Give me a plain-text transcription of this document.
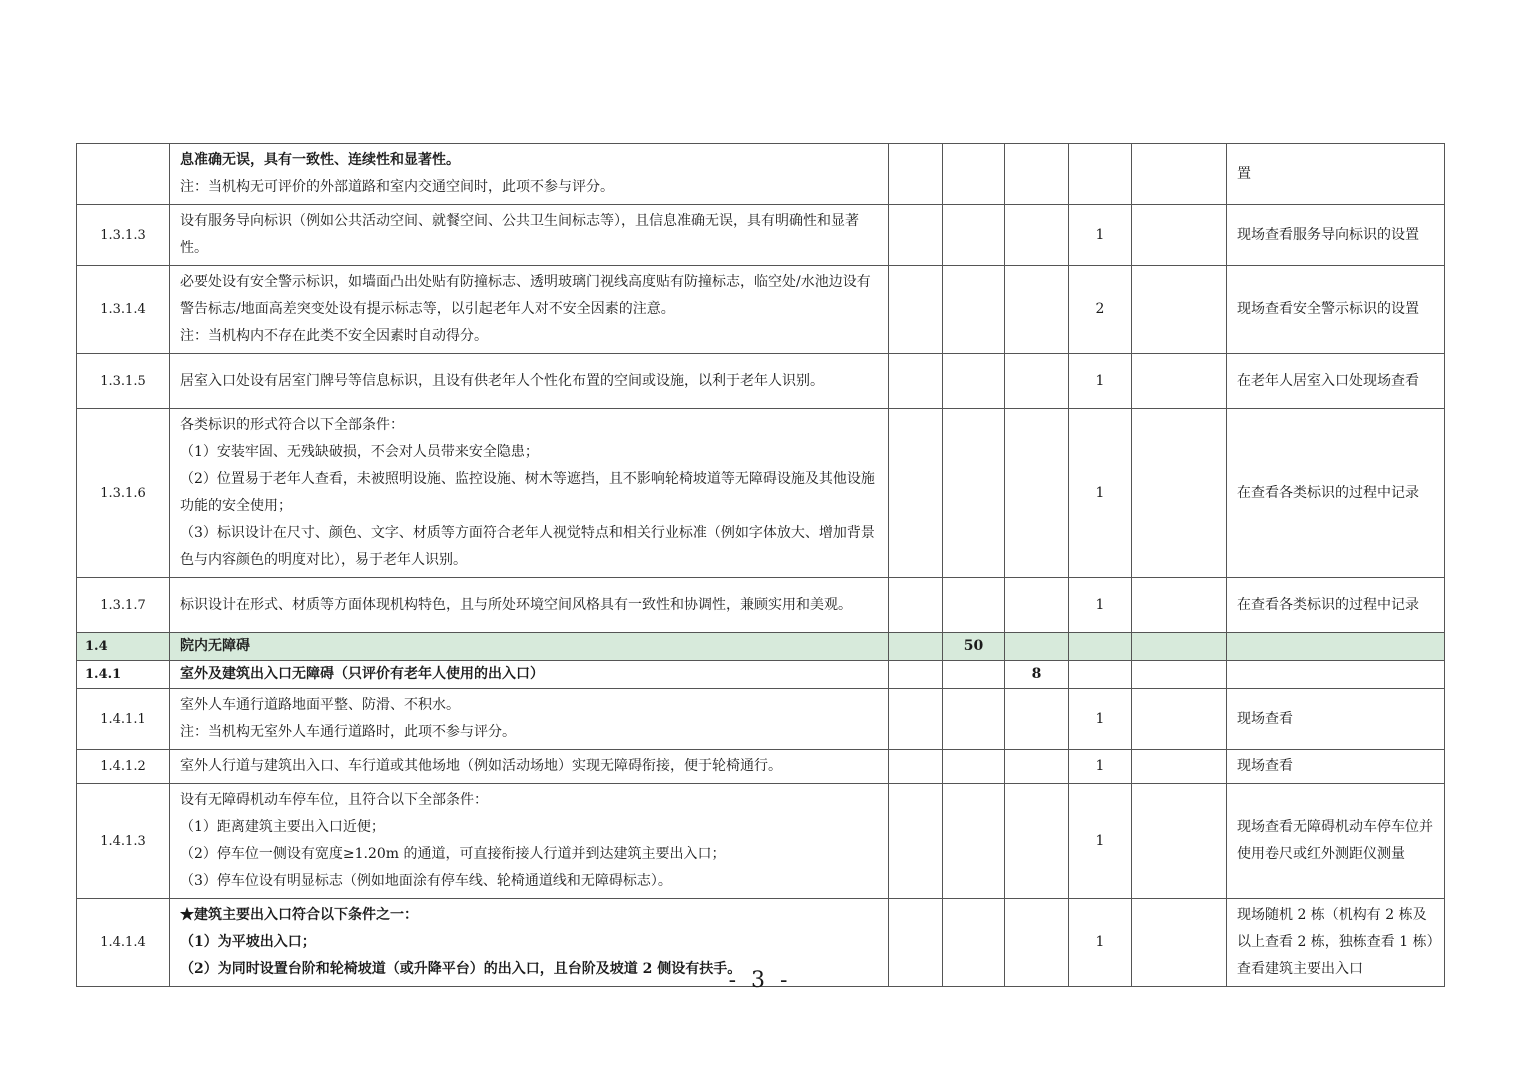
	息准确无误，具有一致性、连续性和显著性。
注：当机构无可评价的外部道路和室内交通空间时，此项不参与评分。						置

1.3.1.3	设有服务导向标识（例如公共活动空间、就餐空间、公共卫生间标志等），且信息准确无误，具有明确性和显著性。				1		现场查看服务导向标识的设置

1.3.1.4	必要处设有安全警示标识，如墙面凸出处贴有防撞标志、透明玻璃门视线高度贴有防撞标志，临空处/水池边设有警告标志/地面高差突变处设有提示标志等，以引起老年人对不安全因素的注意。
注：当机构内不存在此类不安全因素时自动得分。				2		现场查看安全警示标识的设置

1.3.1.5	居室入口处设有居室门牌号等信息标识，且设有供老年人个性化布置的空间或设施，以利于老年人识别。				1		在老年人居室入口处现场查看

1.3.1.6	各类标识的形式符合以下全部条件：
（1）安装牢固、无残缺破损，不会对人员带来安全隐患；
（2）位置易于老年人查看，未被照明设施、监控设施、树木等遮挡，且不影响轮椅坡道等无障碍设施及其他设施功能的安全使用；
（3）标识设计在尺寸、颜色、文字、材质等方面符合老年人视觉特点和相关行业标准（例如字体放大、增加背景色与内容颜色的明度对比），易于老年人识别。				1		在查看各类标识的过程中记录

1.3.1.7	标识设计在形式、材质等方面体现机构特色，且与所处环境空间风格具有一致性和协调性，兼顾实用和美观。				1		在查看各类标识的过程中记录

1.4	院内无障碍		50				
1.4.1	室外及建筑出入口无障碍（只评价有老年人使用的出入口）			8			
1.4.1.1	室外人车通行道路地面平整、防滑、不积水。
注：当机构无室外人车通行道路时，此项不参与评分。				1		现场查看

1.4.1.2	室外人行道与建筑出入口、车行道或其他场地（例如活动场地）实现无障碍衔接，便于轮椅通行。				1		现场查看

1.4.1.3	设有无障碍机动车停车位，且符合以下全部条件：
（1）距离建筑主要出入口近便；
（2）停车位一侧设有宽度≥1.20m 的通道，可直接衔接人行道并到达建筑主要出入口；
（3）停车位设有明显标志（例如地面涂有停车线、轮椅通道线和无障碍标志）。				1		现场查看无障碍机动车停车位并使用卷尺或红外测距仪测量

1.4.1.4	★建筑主要出入口符合以下条件之一：
（1）为平坡出入口；
（2）为同时设置台阶和轮椅坡道（或升降平台）的出入口，且台阶及坡道 2 侧设有扶手。				1		现场随机 2 栋（机构有 2 栋及以上查看 2 栋，独栋查看 1 栋）查看建筑主要出入口
- 3 -
